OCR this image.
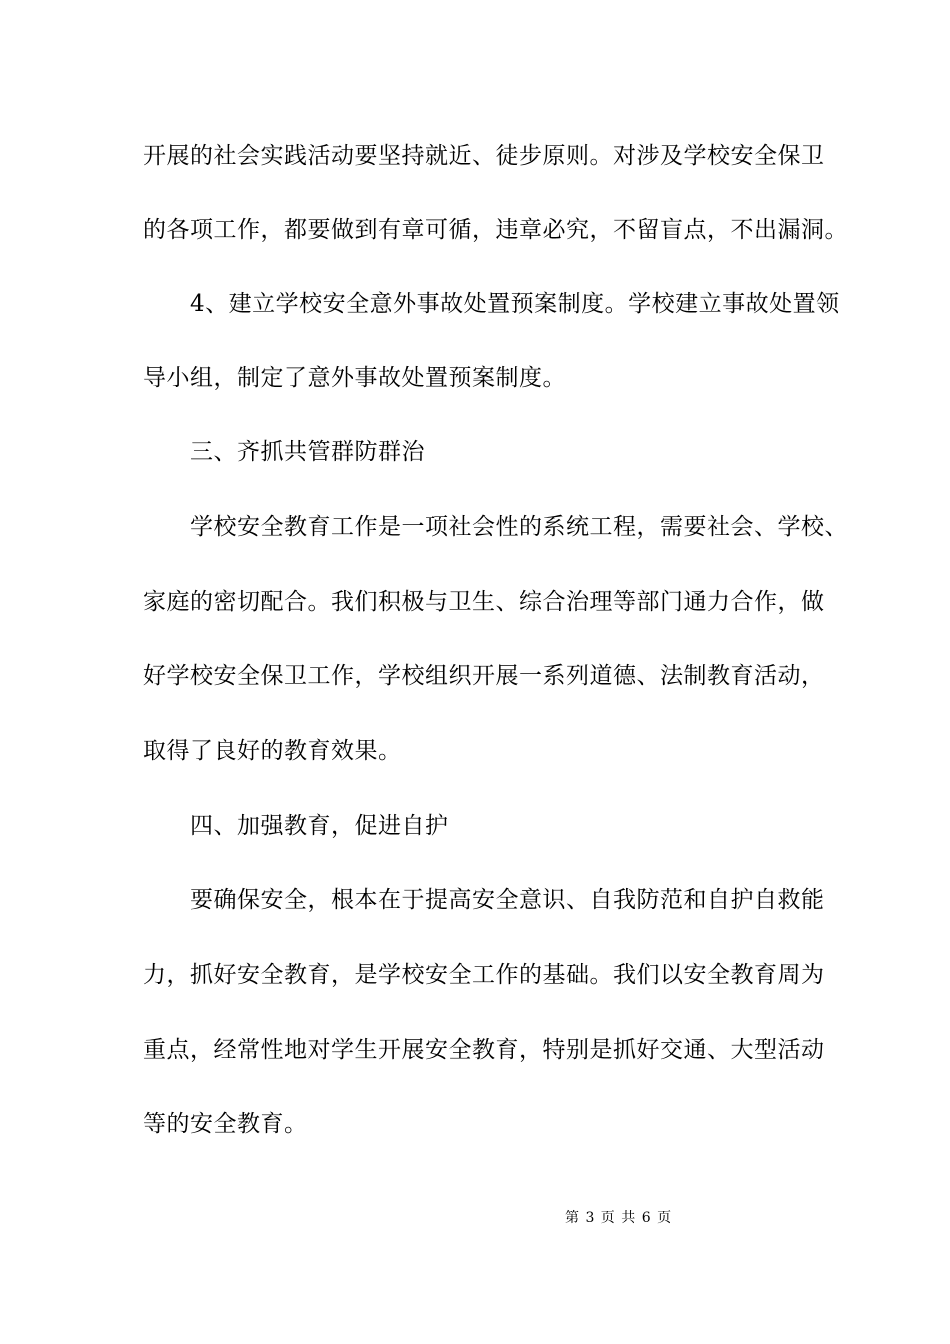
开展的社会实践活动要坚持就近、徒步原则。对涉及学校安全保卫
的各项工作，都要做到有章可循，违章必究，不留盲点，不出漏洞。
4、建立学校安全意外事故处置预案制度。学校建立事故处置领
导小组，制定了意外事故处置预案制度。
三、齐抓共管群防群治
学校安全教育工作是一项社会性的系统工程，需要社会、学校、
家庭的密切配合。我们积极与卫生、综合治理等部门通力合作，做
好学校安全保卫工作，学校组织开展一系列道德、法制教育活动，
取得了良好的教育效果。
四、加强教育，促进自护
要确保安全，根本在于提高安全意识、自我防范和自护自救能
力，抓好安全教育，是学校安全工作的基础。我们以安全教育周为
重点，经常性地对学生开展安全教育，特别是抓好交通、大型活动
等的安全教育。
第 3 页 共 6 页
